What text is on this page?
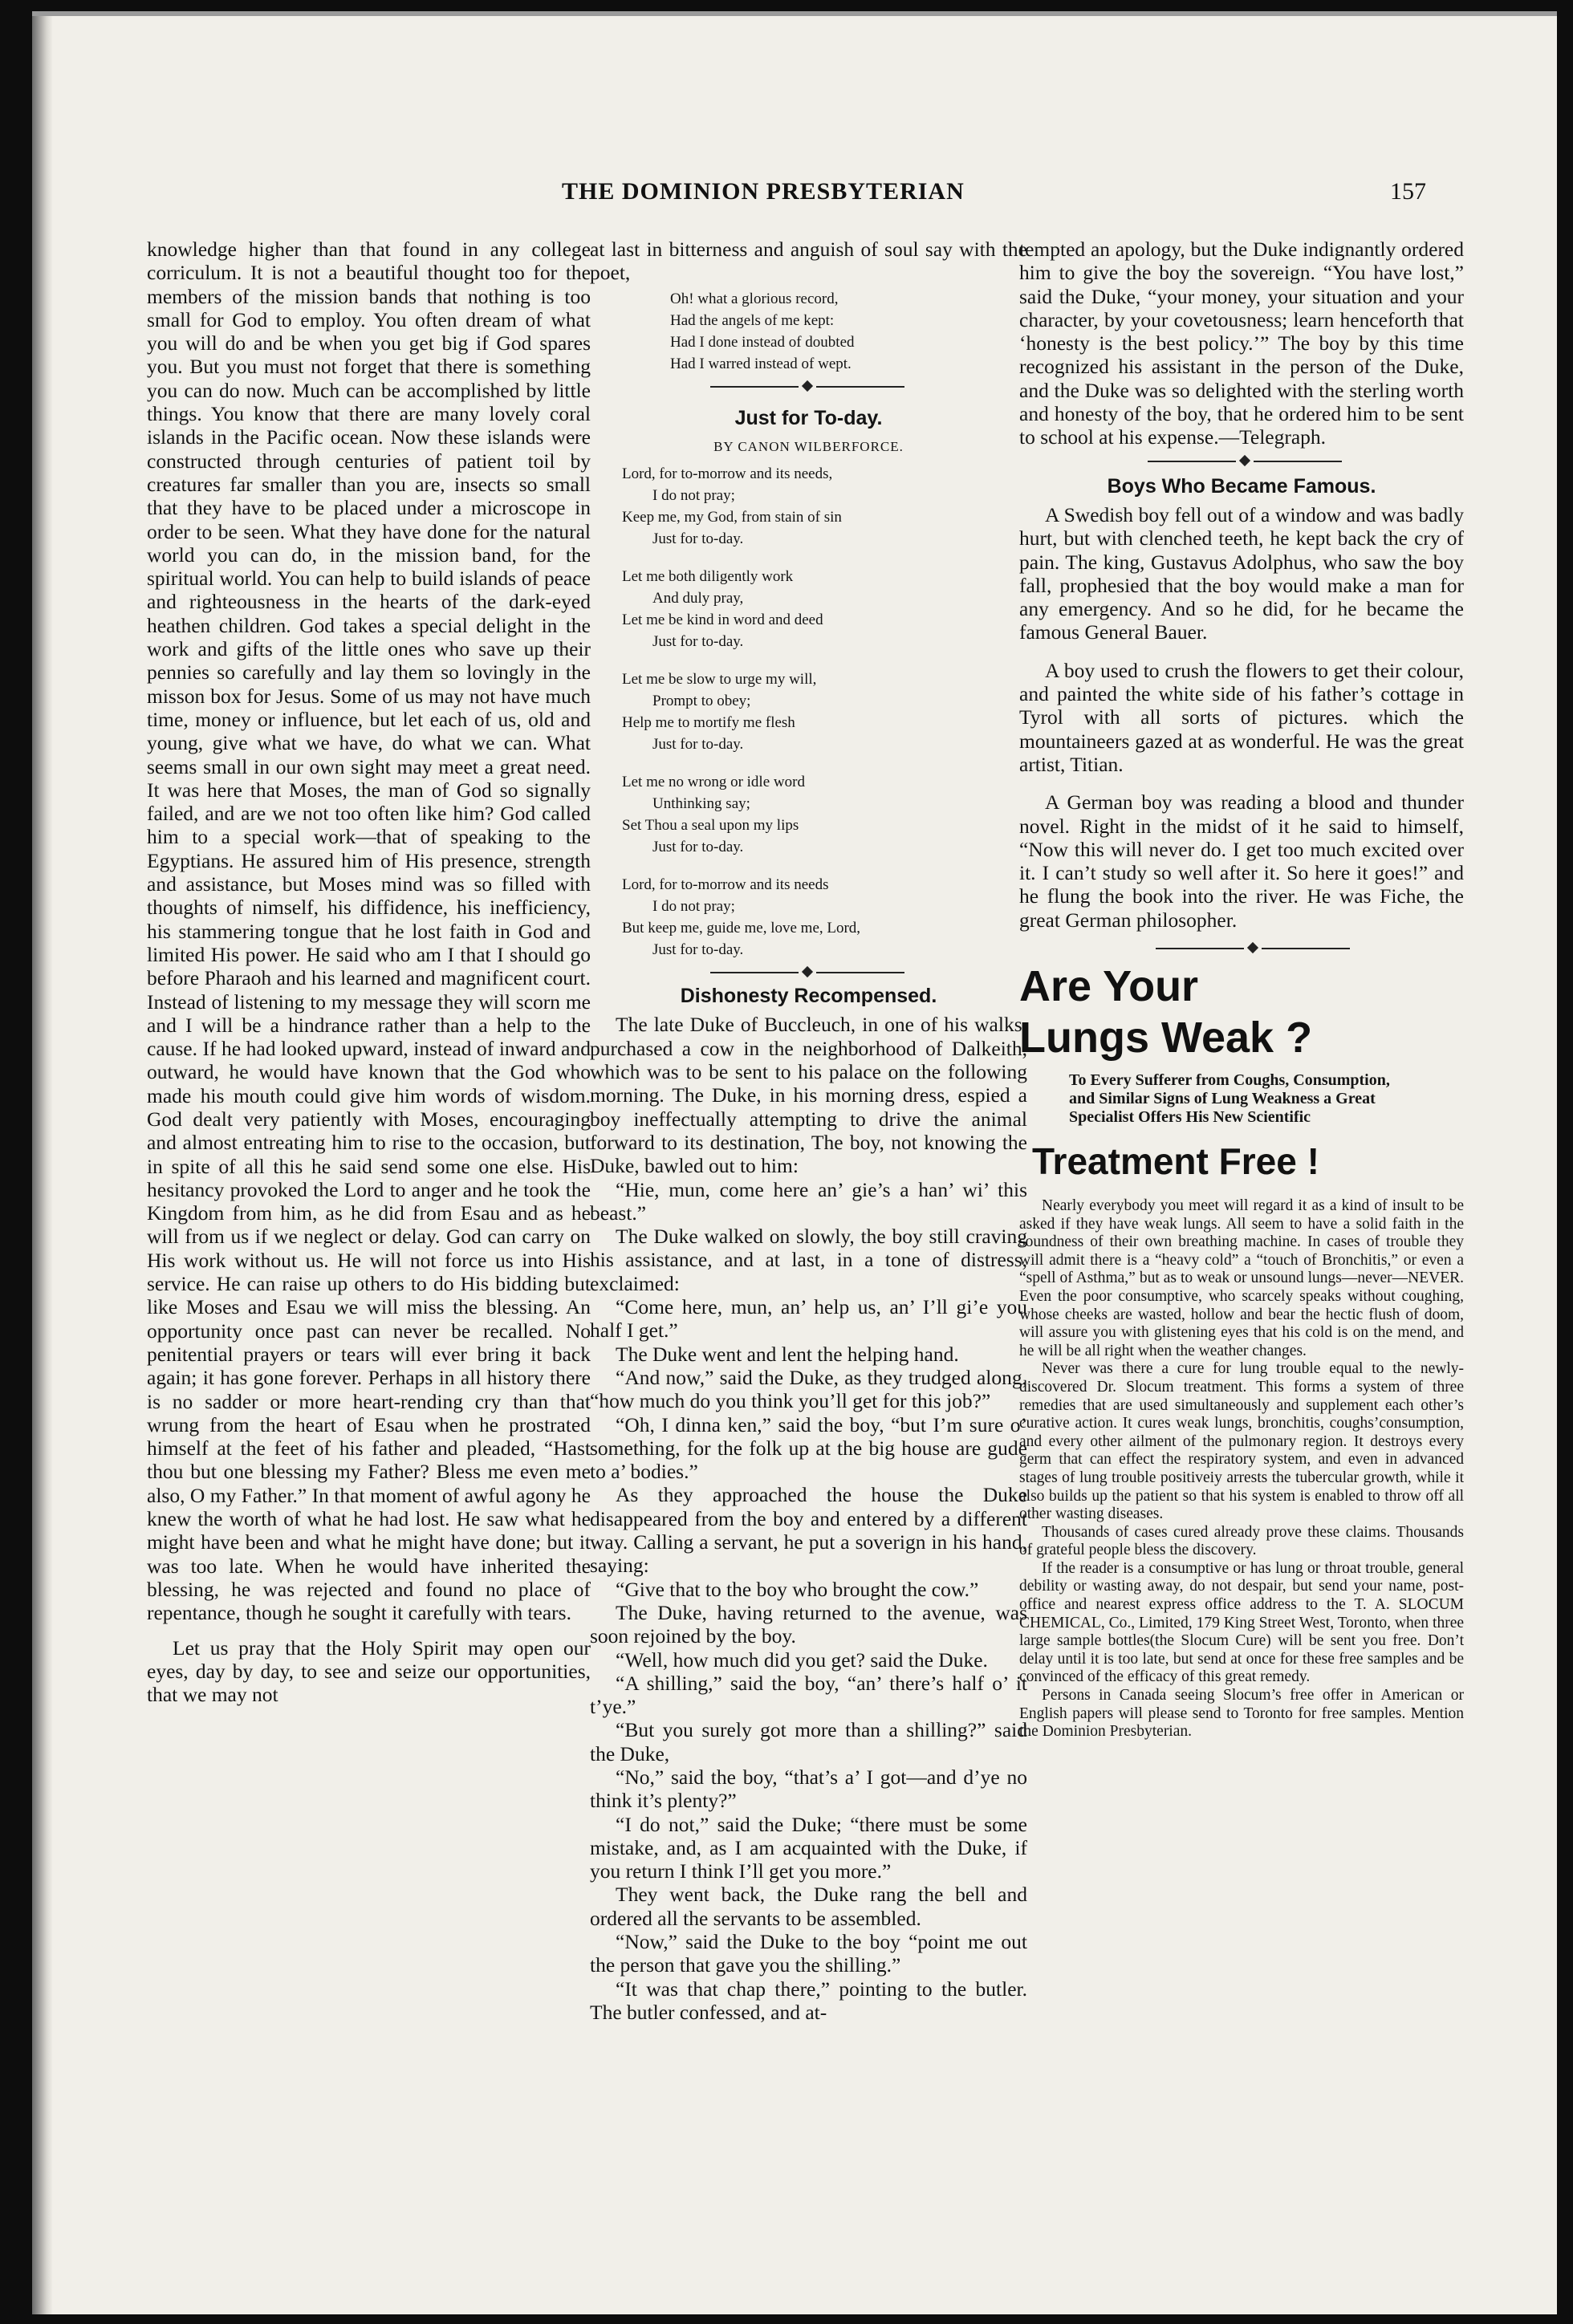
THE DOMINION PRESBYTERIAN	157

knowledge higher than that found in any college corriculum. It is not a beautiful thought too for the members of the mission bands that nothing is too small for God to employ. You often dream of what you will do and be when you get big if God spares you. But you must not forget that there is something you can do now. Much can be accomplished by little things. You know that there are many lovely coral islands in the Pacific ocean. Now these islands were constructed through centuries of patient toil by creatures far smaller than you are, insects so small that they have to be placed under a microscope in order to be seen. What they have done for the natural world you can do, in the mission band, for the spiritual world. You can help to build islands of peace and righteousness in the hearts of the dark-eyed heathen children. God takes a special delight in the work and gifts of the little ones who save up their pennies so carefully and lay them so lovingly in the misson box for Jesus. Some of us may not have much time, money or influence, but let each of us, old and young, give what we have, do what we can. What seems small in our own sight may meet a great need. It was here that Moses, the man of God so signally failed, and are we not too often like him? God called him to a special work—that of speaking to the Egyptians. He assured him of His presence, strength and assistance, but Moses mind was so filled with thoughts of nimself, his diffidence, his inefficiency, his stammering tongue that he lost faith in God and limited His power. He said who am I that I should go before Pharaoh and his learned and magnificent court. Instead of listening to my message they will scorn me and I will be a hindrance rather than a help to the cause. If he had looked upward, instead of inward and outward, he would have known that the God who made his mouth could give him words of wisdom. God dealt very patiently with Moses, encouraging and almost entreating him to rise to the occasion, but in spite of all this he said send some one else. His hesitancy provoked the Lord to anger and he took the Kingdom from him, as he did from Esau and as he will from us if we neglect or delay. God can carry on His work without us. He will not force us into His service. He can raise up others to do His bidding but like Moses and Esau we will miss the blessing. An opportunity once past can never be recalled. No penitential prayers or tears will ever bring it back again; it has gone forever. Perhaps in all history there is no sadder or more heart-rending cry than that wrung from the heart of Esau when he prostrated himself at the feet of his father and pleaded, “Hast thou but one blessing my Father? Bless me even me also, O my Father.” In that moment of awful agony he knew the worth of what he had lost. He saw what he might have been and what he might have done; but it was too late. When he would have inherited the blessing, he was rejected and found no place of repentance, though he sought it carefully with tears.

Let us pray that the Holy Spirit may open our eyes, day by day, to see and seize our opportunities, that we may not

at last in bitterness and anguish of soul say with the poet,

Oh! what a glorious record,
Had the angels of me kept:
Had I done instead of doubted
Had I warred instead of wept.
Just for To-day.
BY CANON WILBERFORCE.
Lord, for to-morrow and its needs,
I do not pray;
Keep me, my God, from stain of sin
Just for to-day.
Let me both diligently work
And duly pray,
Let me be kind in word and deed
Just for to-day.
Let me be slow to urge my will,
Prompt to obey;
Help me to mortify me flesh
Just for to-day.
Let me no wrong or idle word
Unthinking say;
Set Thou a seal upon my lips
Just for to-day.
Lord, for to-morrow and its needs
I do not pray;
But keep me, guide me, love me, Lord,
Just for to-day.
Dishonesty Recompensed.

The late Duke of Buccleuch, in one of his walks, purchased a cow in the neighborhood of Dalkeith, which was to be sent to his palace on the following morning. The Duke, in his morning dress, espied a boy ineffectually attempting to drive the animal forward to its destination, The boy, not knowing the Duke, bawled out to him:

“Hie, mun, come here an’ gie’s a han’ wi’ this beast.”

The Duke walked on slowly, the boy still craving his assistance, and at last, in a tone of distress, exclaimed:

“Come here, mun, an’ help us, an’ I’ll gi’e you half I get.”

The Duke went and lent the helping hand.

“And now,” said the Duke, as they trudged along, “how much do you think you’ll get for this job?”

“Oh, I dinna ken,” said the boy, “but I’m sure o’ something, for the folk up at the big house are gude to a’ bodies.”

As they approached the house the Duke disappeared from the boy and entered by a different way. Calling a servant, he put a soverign in his hand, saying:

“Give that to the boy who brought the cow.”

The Duke, having returned to the avenue, was soon rejoined by the boy.

“Well, how much did you get? said the Duke.

“A shilling,” said the boy, “an’ there’s half o’ it t’ye.”

“But you surely got more than a shilling?” said the Duke,

“No,” said the boy, “that’s a’ I got—and d’ye no think it’s plenty?”

“I do not,” said the Duke; “there must be some mistake, and, as I am acquainted with the Duke, if you return I think I’ll get you more.”

They went back, the Duke rang the bell and ordered all the servants to be assembled.

“Now,” said the Duke to the boy “point me out the person that gave you the shilling.”

“It was that chap there,” pointing to the butler. The butler confessed, and at-

tempted an apology, but the Duke indignantly ordered him to give the boy the sovereign. “You have lost,” said the Duke, “your money, your situation and your character, by your covetousness; learn henceforth that ‘honesty is the best policy.’” The boy by this time recognized his assistant in the person of the Duke, and the Duke was so delighted with the sterling worth and honesty of the boy, that he ordered him to be sent to school at his expense.—Telegraph.

Boys Who Became Famous.

A Swedish boy fell out of a window and was badly hurt, but with clenched teeth, he kept back the cry of pain. The king, Gustavus Adolphus, who saw the boy fall, prophesied that the boy would make a man for any emergency. And so he did, for he became the famous General Bauer.

A boy used to crush the flowers to get their colour, and painted the white side of his father’s cottage in Tyrol with all sorts of pictures. which the mountaineers gazed at as wonderful. He was the great artist, Titian.

A German boy was reading a blood and thunder novel. Right in the midst of it he said to himself, “Now this will never do. I get too much excited over it. I can’t study so well after it. So here it goes!” and he flung the book into the river. He was Fiche, the great German philosopher.

Are Your
Lungs Weak ?
To Every Sufferer from Coughs, Consumption, and Similar Signs of Lung Weakness a Great Specialist Offers His New Scientific
Treatment Free !

Nearly everybody you meet will regard it as a kind of insult to be asked if they have weak lungs. All seem to have a solid faith in the soundness of their own breathing machine. In cases of trouble they will admit there is a “heavy cold” a “touch of Bronchitis,” or even a “spell of Asthma,” but as to weak or unsound lungs—never—NEVER. Even the poor consumptive, who scarcely speaks without coughing, whose cheeks are wasted, hollow and bear the hectic flush of doom, will assure you with glistening eyes that his cold is on the mend, and he will be all right when the weather changes.

Never was there a cure for lung trouble equal to the newly-discovered Dr. Slocum treatment. This forms a system of three remedies that are used simultaneously and supplement each other’s curative action. It cures weak lungs, bronchitis, coughs’consumption, and every other ailment of the pulmonary region. It destroys every germ that can effect the respiratory system, and even in advanced stages of lung trouble positiveiy arrests the tubercular growth, while it also builds up the patient so that his system is enabled to throw off all other wasting diseases.

Thousands of cases cured already prove these claims. Thousands of grateful people bless the discovery.

If the reader is a consumptive or has lung or throat trouble, general debility or wasting away, do not despair, but send your name, post-office and nearest express office address to the T. A. SLOCUM CHEMICAL, Co., Limited, 179 King Street West, Toronto, when three large sample bottles(the Slocum Cure) will be sent you free. Don’t delay until it is too late, but send at once for these free samples and be convinced of the efficacy of this great remedy.

Persons in Canada seeing Slocum’s free offer in American or English papers will please send to Toronto for free samples. Mention the Dominion Presbyterian.
